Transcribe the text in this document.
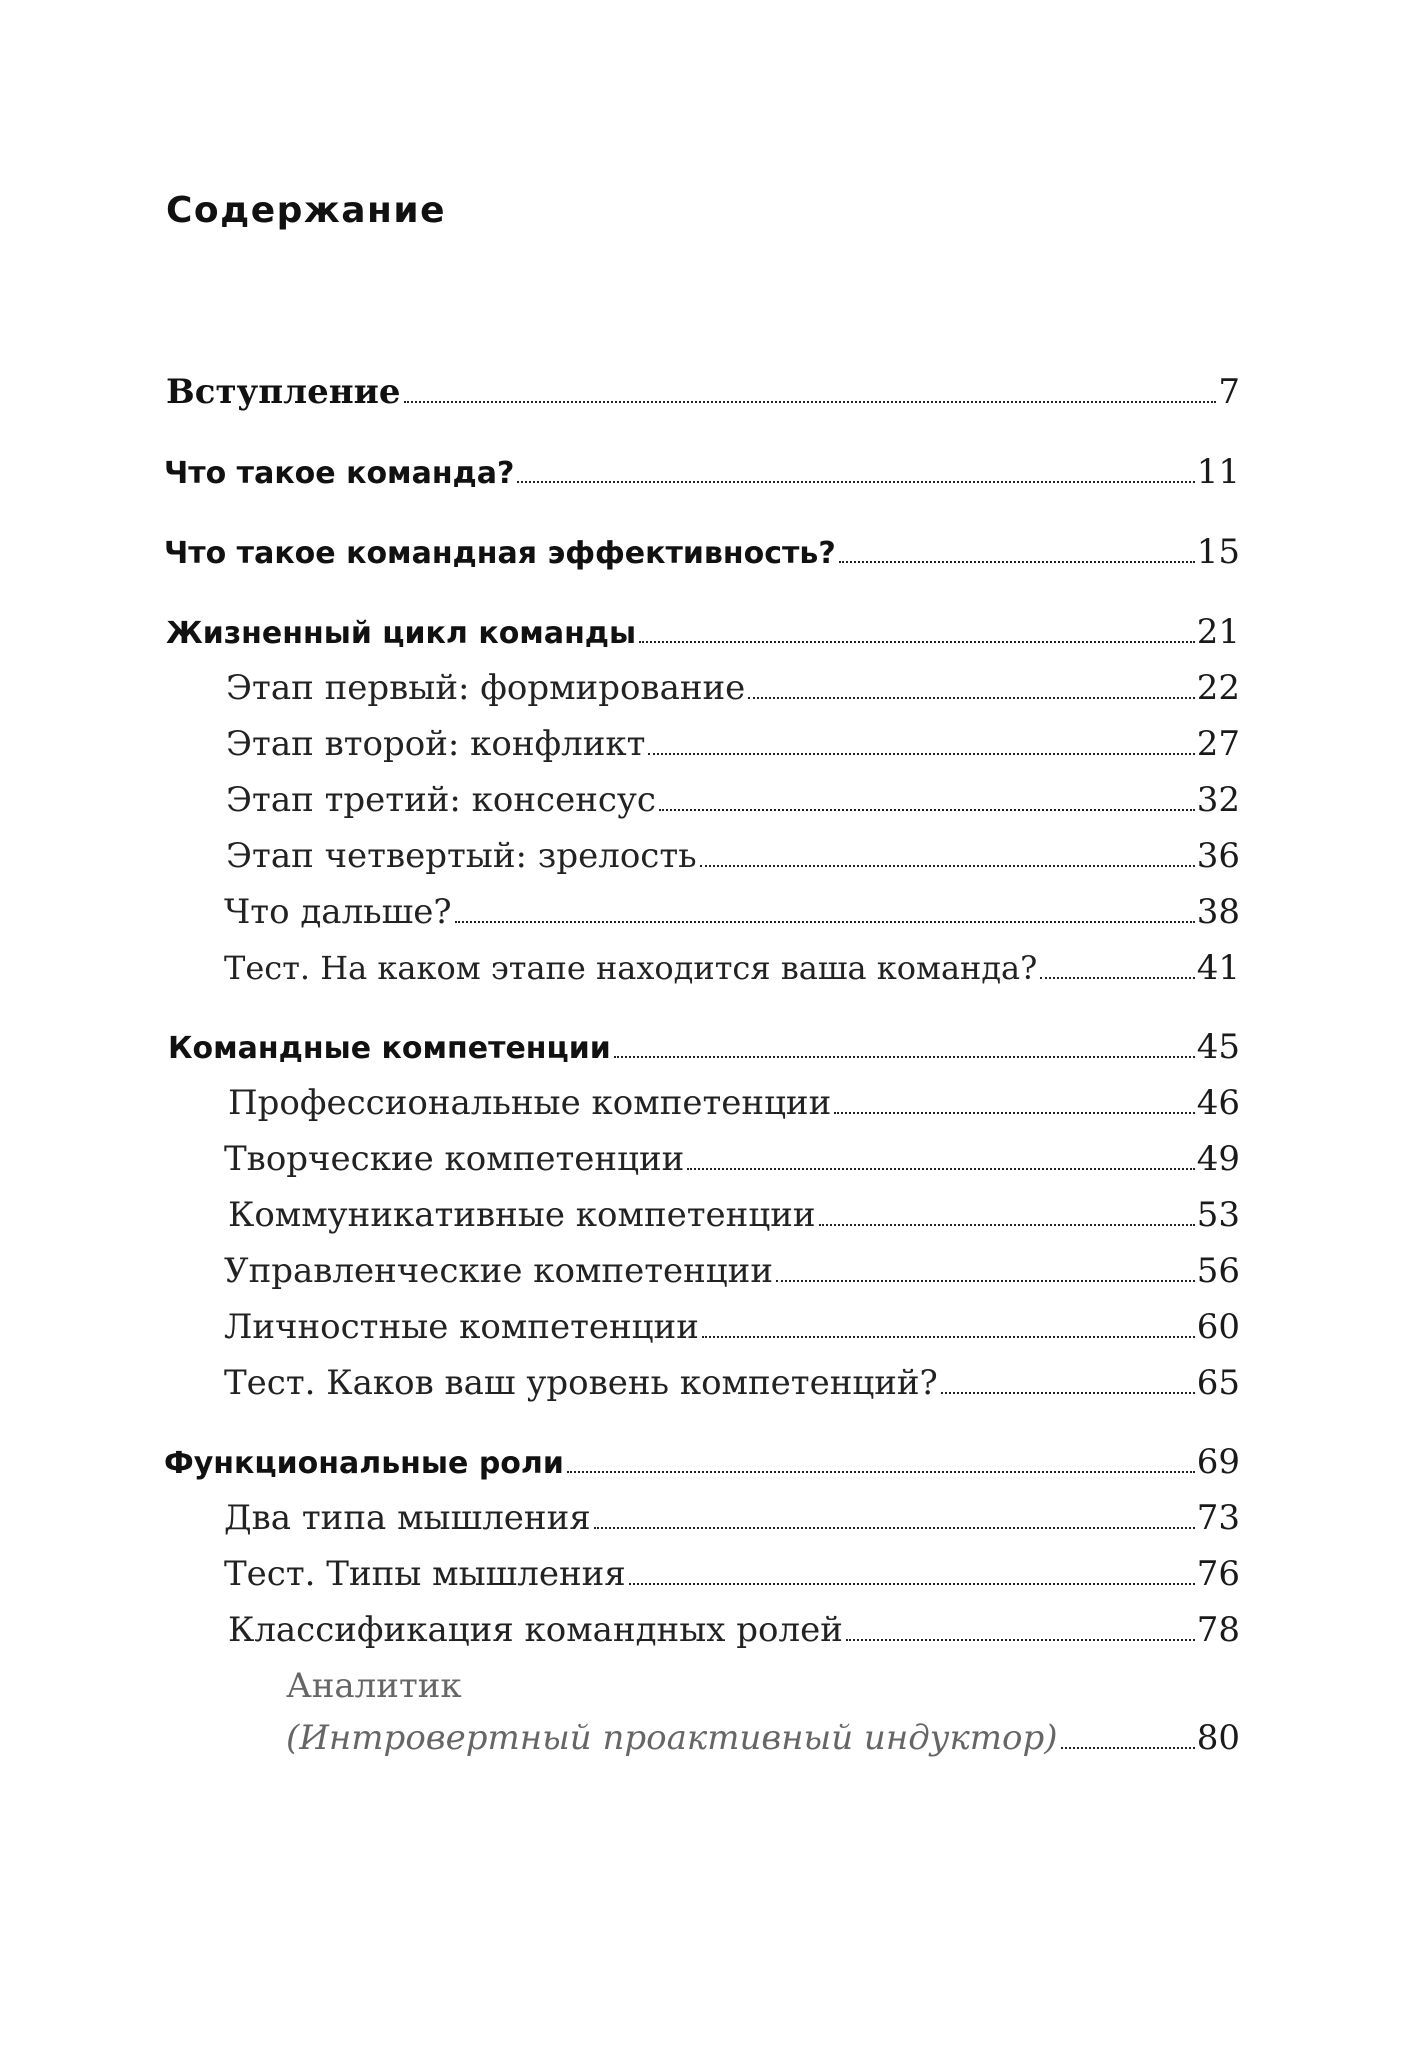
Содержание
Вступление	7
Что такое команда?	11
Что такое командная эффективность?	15
Жизненный цикл команды	21
Этап первый: формирование	22
Этап второй: конфликт	27
Этап третий: консенсус	32
Этап четвертый: зрелость	36
Что дальше?	38
Тест. На каком этапе находится ваша команда?	41
Командные компетенции	45
Профессиональные компетенции	46
Творческие компетенции	49
Коммуникативные компетенции	53
Управленческие компетенции	56
Личностные компетенции	60
Тест. Каков ваш уровень компетенций?	65
Функциональные роли	69
Два типа мышления	73
Тест. Типы мышления	76
Классификация командных ролей	78
Аналитик
(Интровертный проактивный индуктор)	80
